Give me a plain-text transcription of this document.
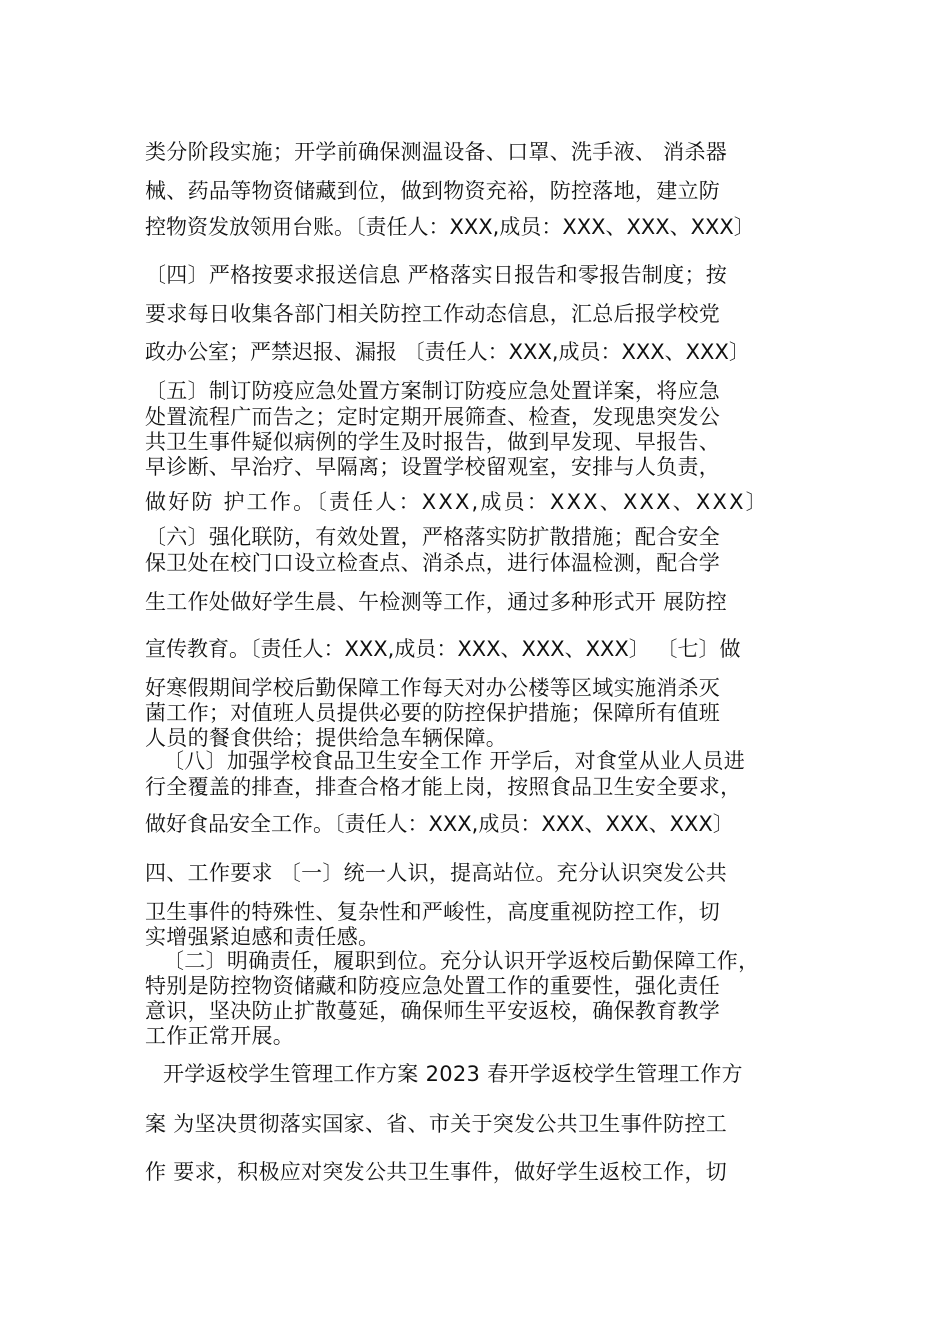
类分阶段实施；开学前确保测温设备、口罩、洗手液、 消杀器
械、药品等物资储藏到位，做到物资充裕，防控落地，建立防
控物资发放领用台账。〔责任人：XXX,成员：XXX、XXX、XXX〕
〔四〕严格按要求报送信息 严格落实日报告和零报告制度；按
要求每日收集各部门相关防控工作动态信息，汇总后报学校党
政办公室；严禁迟报、漏报 〔责任人：XXX,成员：XXX、XXX〕
〔五〕制订防疫应急处置方案制订防疫应急处置详案，将应急
处置流程广而告之；定时定期开展筛查、检查，发现患突发公
共卫生事件疑似病例的学生及时报告，做到早发现、早报告、
早诊断、早治疗、早隔离；设置学校留观室，安排与人负责，
做好防 护工作。〔责任人：XXX,成员：XXX、XXX、XXX〕
〔六〕强化联防，有效处置，严格落实防扩散措施；配合安全
保卫处在校门口设立检查点、消杀点，进行体温检测，配合学
生工作处做好学生晨、午检测等工作，通过多种形式开 展防控
宣传教育。〔责任人：XXX,成员：XXX、XXX、XXX〕 〔七〕做
好寒假期间学校后勤保障工作每天对办公楼等区域实施消杀灭
菌工作；对值班人员提供必要的防控保护措施；保障所有值班
人员的餐食供给；提供给急车辆保障。
〔八〕加强学校食品卫生安全工作 开学后，对食堂从业人员进
行全覆盖的排查，排查合格才能上岗，按照食品卫生安全要求，
做好食品安全工作。〔责任人：XXX,成员：XXX、XXX、XXX〕
四、工作要求 〔一〕统一人识，提高站位。充分认识突发公共
卫生事件的特殊性、复杂性和严峻性，高度重视防控工作，切
实增强紧迫感和责任感。
〔二〕明确责任，履职到位。充分认识开学返校后勤保障工作，
特别是防控物资储藏和防疫应急处置工作的重要性，强化责任
意识，坚决防止扩散蔓延，确保师生平安返校，确保教育教学
工作正常开展。
开学返校学生管理工作方案 2023 春开学返校学生管理工作方
案 为坚决贯彻落实国家、省、市关于突发公共卫生事件防控工
作 要求，积极应对突发公共卫生事件，做好学生返校工作，切
